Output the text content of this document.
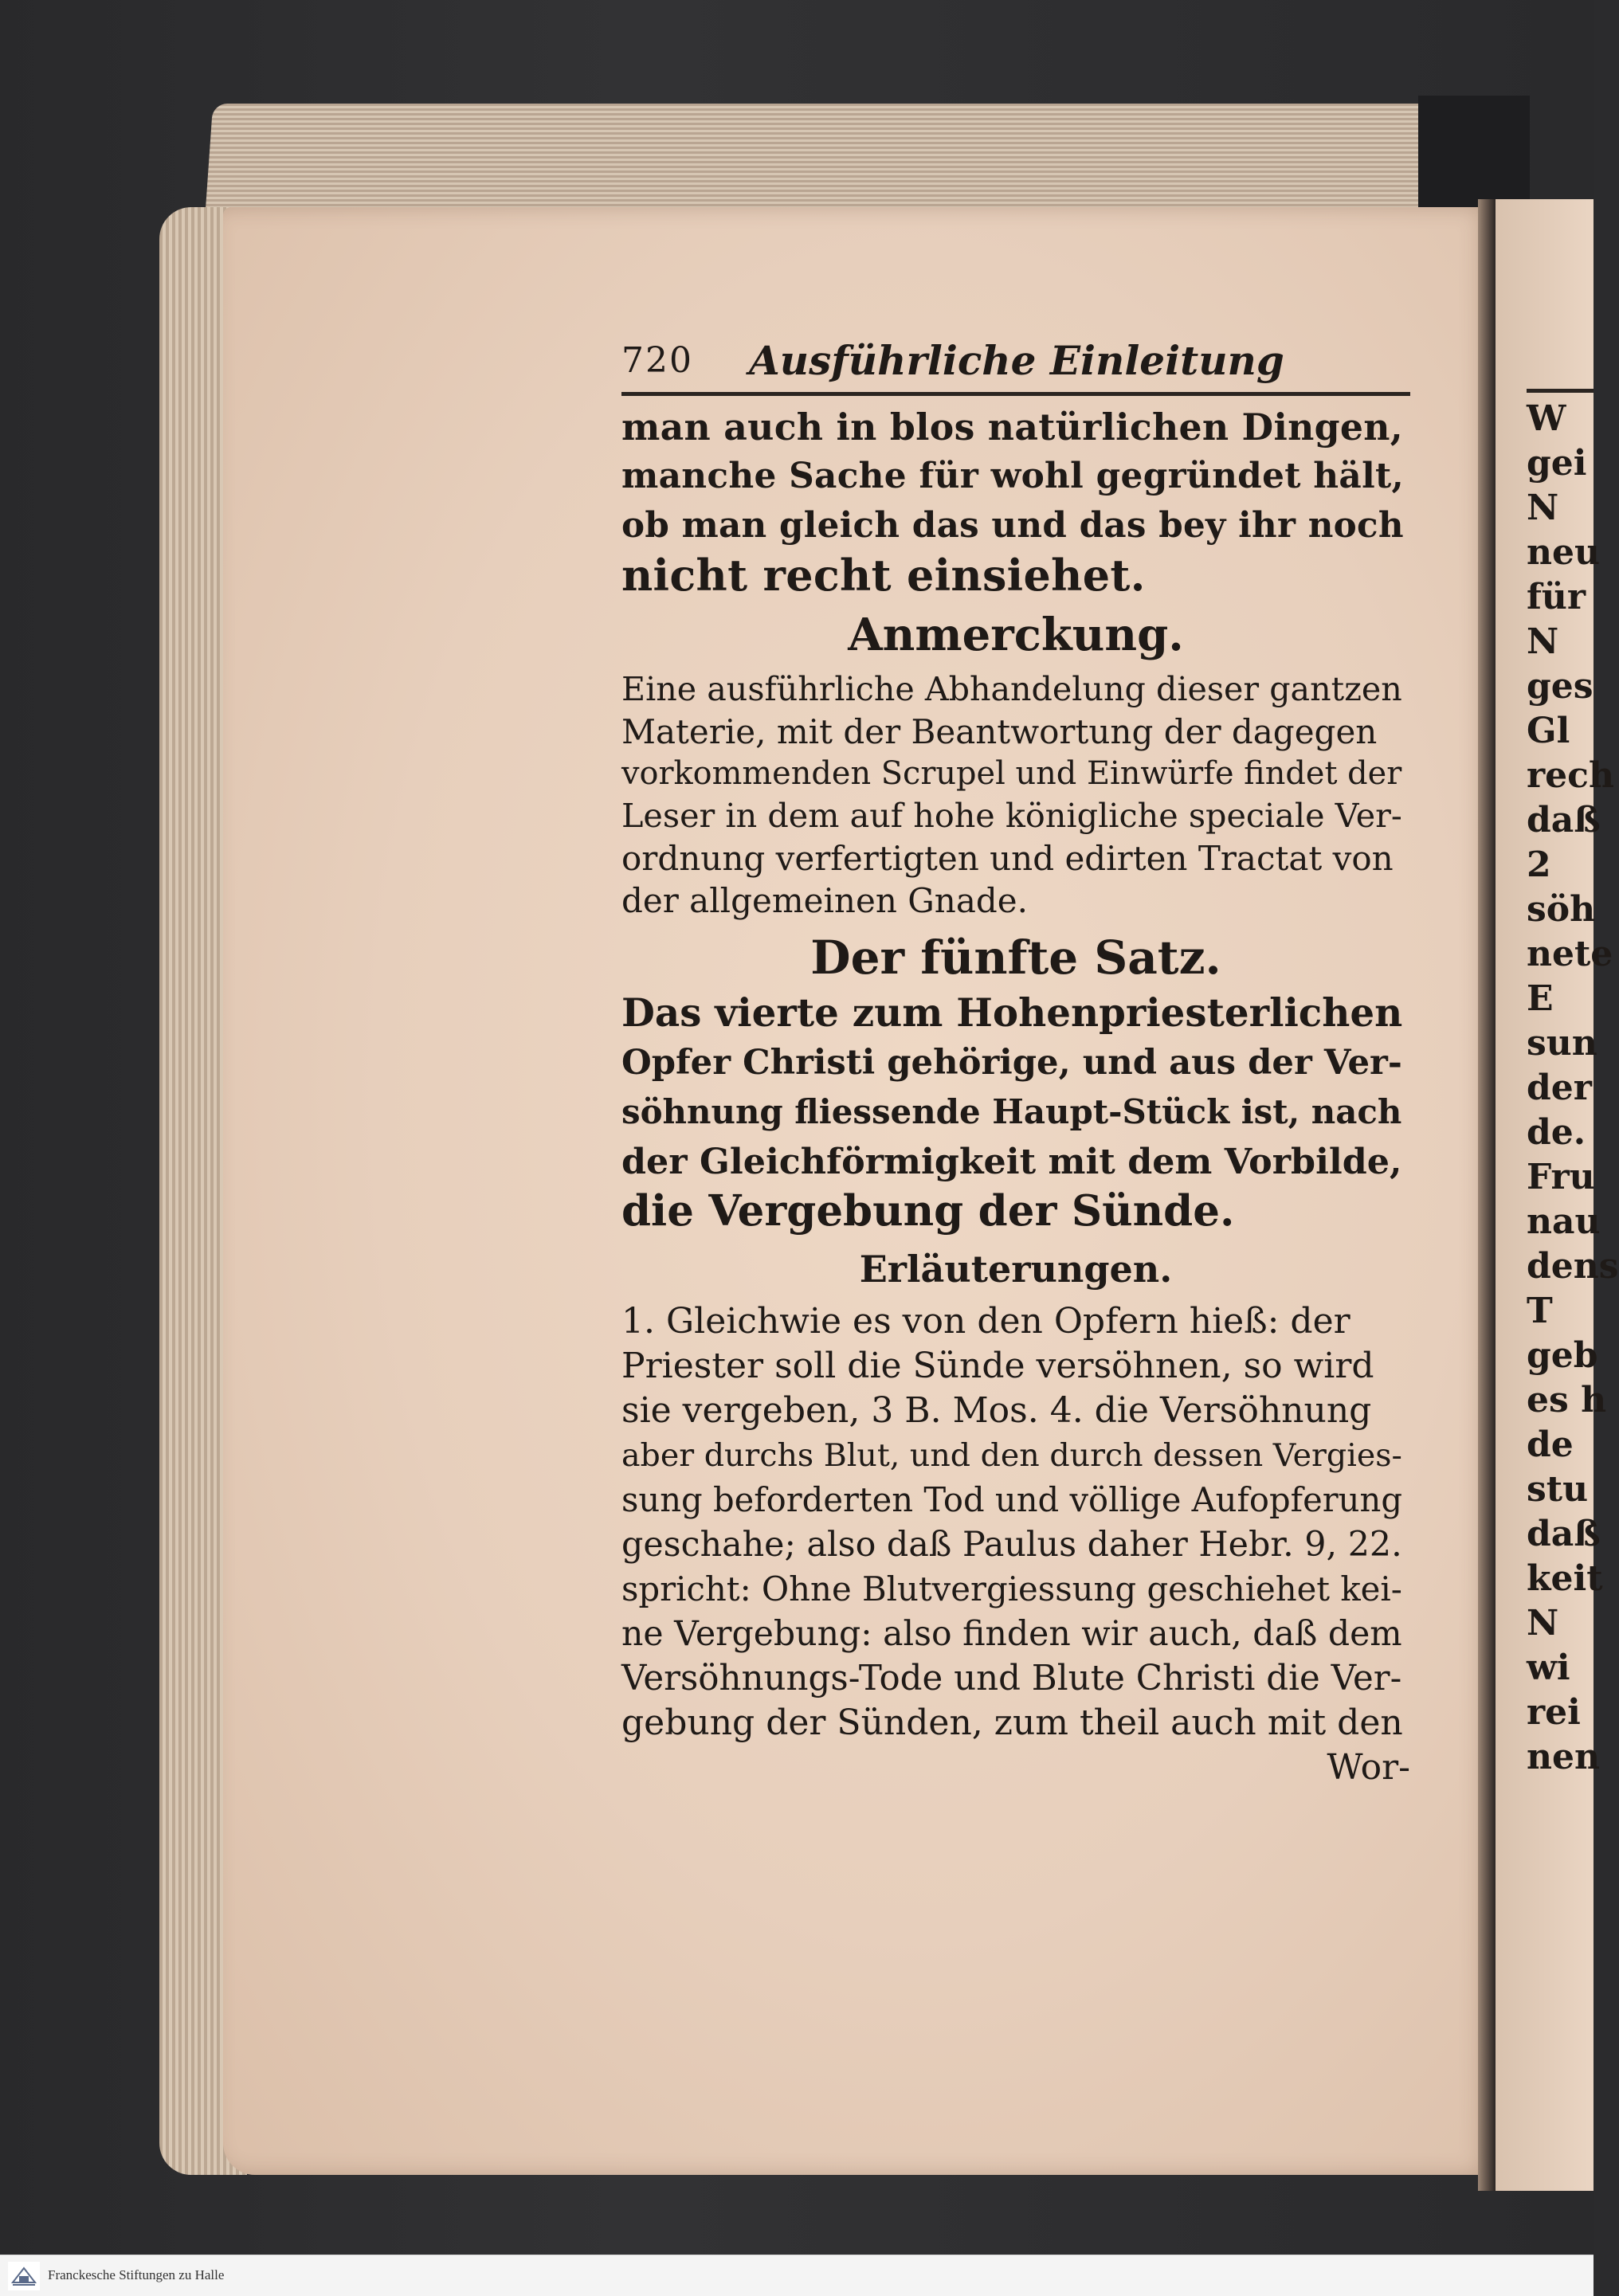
W
gei
N
neu
für
N
ges
Gl
rech
daß
2
söh
nete
E
sun
der
de.
Fru
nau
dens
T
geb
es h
de
stu
daß
keit
N
wi
rei
nen
720 Ausführliche Einleitung
man auch in blos natürlichen Dingen,
manche Sache für wohl gegründet hält,
ob man gleich das und das bey ihr noch
nicht recht einsiehet.
Anmerckung.
Eine ausführliche Abhandelung dieser gantzen
Materie, mit der Beantwortung der dagegen
vorkommenden Scrupel und Einwürfe findet der
Leser in dem auf hohe königliche speciale Ver-
ordnung verfertigten und edirten Tractat von
der allgemeinen Gnade.
Der fünfte Satz.
Das vierte zum Hohenpriesterlichen
Opfer Christi gehörige, und aus der Ver-
söhnung fliessende Haupt-Stück ist, nach
der Gleichförmigkeit mit dem Vorbilde,
die Vergebung der Sünde.
Erläuterungen.
1. Gleichwie es von den Opfern hieß: der
Priester soll die Sünde versöhnen, so wird
sie vergeben, 3 B. Mos. 4. die Versöhnung
aber durchs Blut, und den durch dessen Vergies-
sung beforderten Tod und völlige Aufopferung
geschahe; also daß Paulus daher Hebr. 9, 22.
spricht: Ohne Blutvergiessung geschiehet kei-
ne Vergebung: also finden wir auch, daß dem
Versöhnungs-Tode und Blute Christi die Ver-
gebung der Sünden, zum theil auch mit den
Wor-
Franckesche Stiftungen zu Halle
